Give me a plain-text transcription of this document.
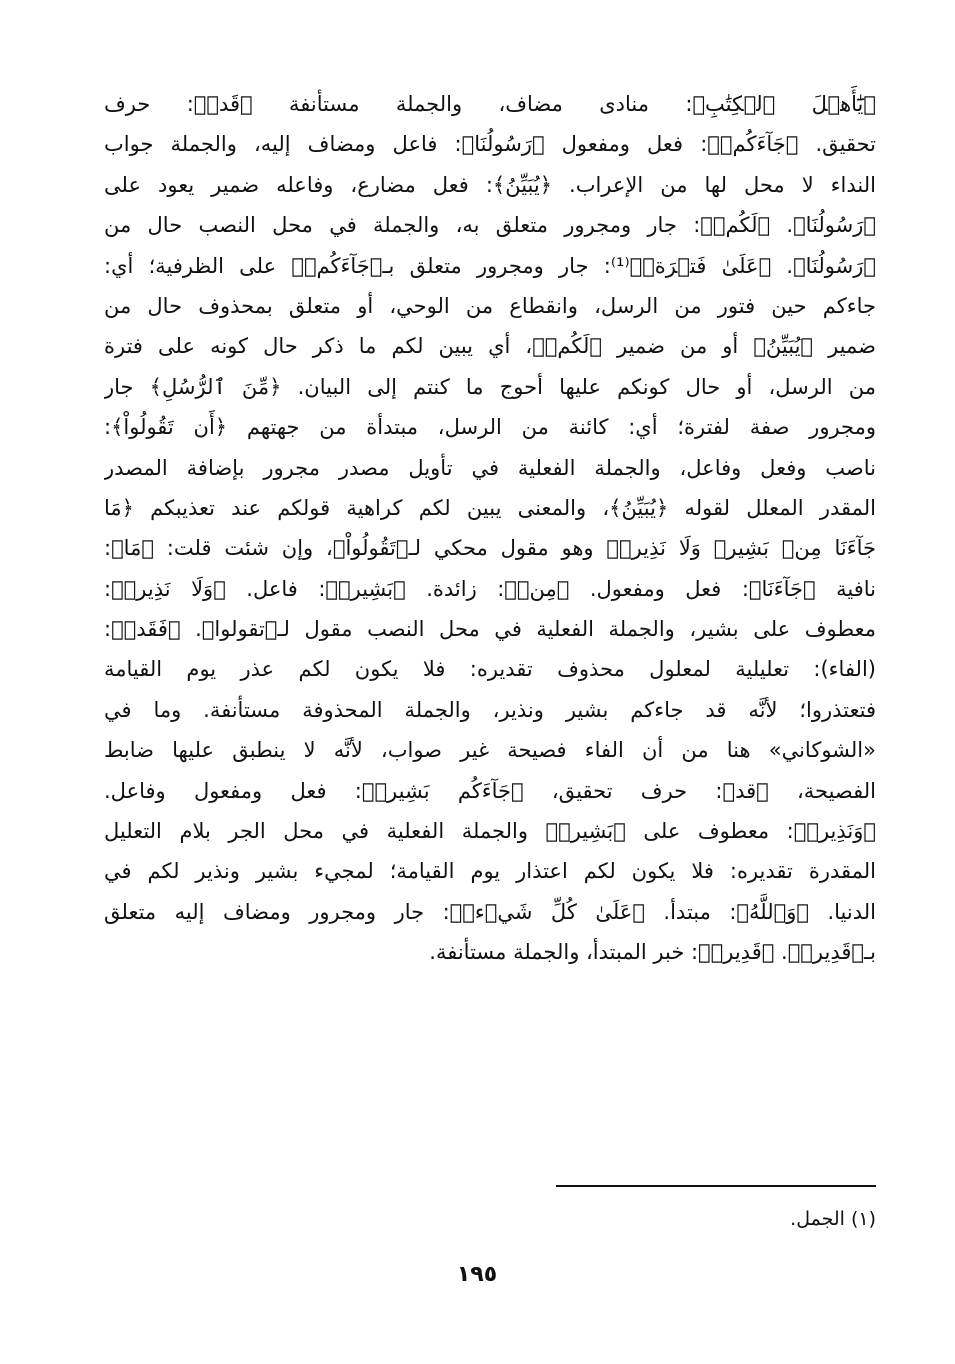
﴿يَٰٓأَهۡلَ ٱلۡكِتَٰبِ﴾: منادى مضاف، والجملة مستأنفة ﴿قَدۡ﴾: حرف
تحقيق. ﴿جَآءَكُمۡ﴾: فعل ومفعول ﴿رَسُولُنَا﴾: فاعل ومضاف إليه، والجملة جواب
النداء لا محل لها من الإعراب. ﴿يُبَيِّنُ﴾: فعل مضارع، وفاعله ضمير يعود على
﴿رَسُولُنَا﴾. ﴿لَكُمۡ﴾: جار ومجرور متعلق به، والجملة في محل النصب حال من
﴿رَسُولُنَا﴾. ﴿عَلَىٰ فَتۡرَةٖ﴾⁽¹⁾: جار ومجرور متعلق بـ﴿جَآءَكُمۡ﴾ على الظرفية؛ أي:
جاءكم حين فتور من الرسل، وانقطاع من الوحي، أو متعلق بمحذوف حال من
ضمير ﴿يُبَيِّنُ﴾ أو من ضمير ﴿لَكُمۡ﴾، أي يبين لكم ما ذكر حال كونه على فترة
من الرسل، أو حال كونكم عليها أحوج ما كنتم إلى البيان. ﴿مِّنَ ٱلرُّسُلِ﴾ جار
ومجرور صفة لفترة؛ أي: كائنة من الرسل، مبتدأة من جهتهم ﴿أَن تَقُولُواْ﴾:
ناصب وفعل وفاعل، والجملة الفعلية في تأويل مصدر مجرور بإضافة المصدر
المقدر المعلل لقوله ﴿يُبَيِّنُ﴾، والمعنى يبين لكم كراهية قولكم عند تعذيبكم ﴿مَا
جَآءَنَا مِنۢ بَشِيرٖ وَلَا نَذِيرٖ﴾ وهو مقول محكي لـ﴿تَقُولُواْ﴾، وإن شئت قلت: ﴿مَا﴾:
نافية ﴿جَآءَنَا﴾: فعل ومفعول. ﴿مِنۢ﴾: زائدة. ﴿بَشِيرٖ﴾: فاعل. ﴿وَلَا نَذِيرٖ﴾:
معطوف على بشير، والجملة الفعلية في محل النصب مقول لـ﴿تقولوا﴾. ﴿فَقَدۡ﴾:
(الفاء): تعليلية لمعلول محذوف تقديره: فلا يكون لكم عذر يوم القيامة
فتعتذروا؛ لأنَّه قد جاءكم بشير ونذير، والجملة المحذوفة مستأنفة. وما في
«الشوكاني» هنا من أن الفاء فصيحة غير صواب، لأنَّه لا ينطبق عليها ضابط
الفصيحة، ﴿قد﴾: حرف تحقيق، ﴿جَآءَكُم بَشِيرٞ﴾: فعل ومفعول وفاعل.
﴿وَنَذِيرٞ﴾: معطوف على ﴿بَشِيرٞ﴾ والجملة الفعلية في محل الجر بلام التعليل
المقدرة تقديره: فلا يكون لكم اعتذار يوم القيامة؛ لمجيء بشير ونذير لكم في
الدنيا. ﴿وَٱللَّهُ﴾: مبتدأ. ﴿عَلَىٰ كُلِّ شَيۡءٖ﴾: جار ومجرور ومضاف إليه متعلق
بـ﴿قَدِيرٞ﴾. ﴿قَدِيرٞ﴾: خبر المبتدأ، والجملة مستأنفة.
(١) الجمل.
١٩٥
